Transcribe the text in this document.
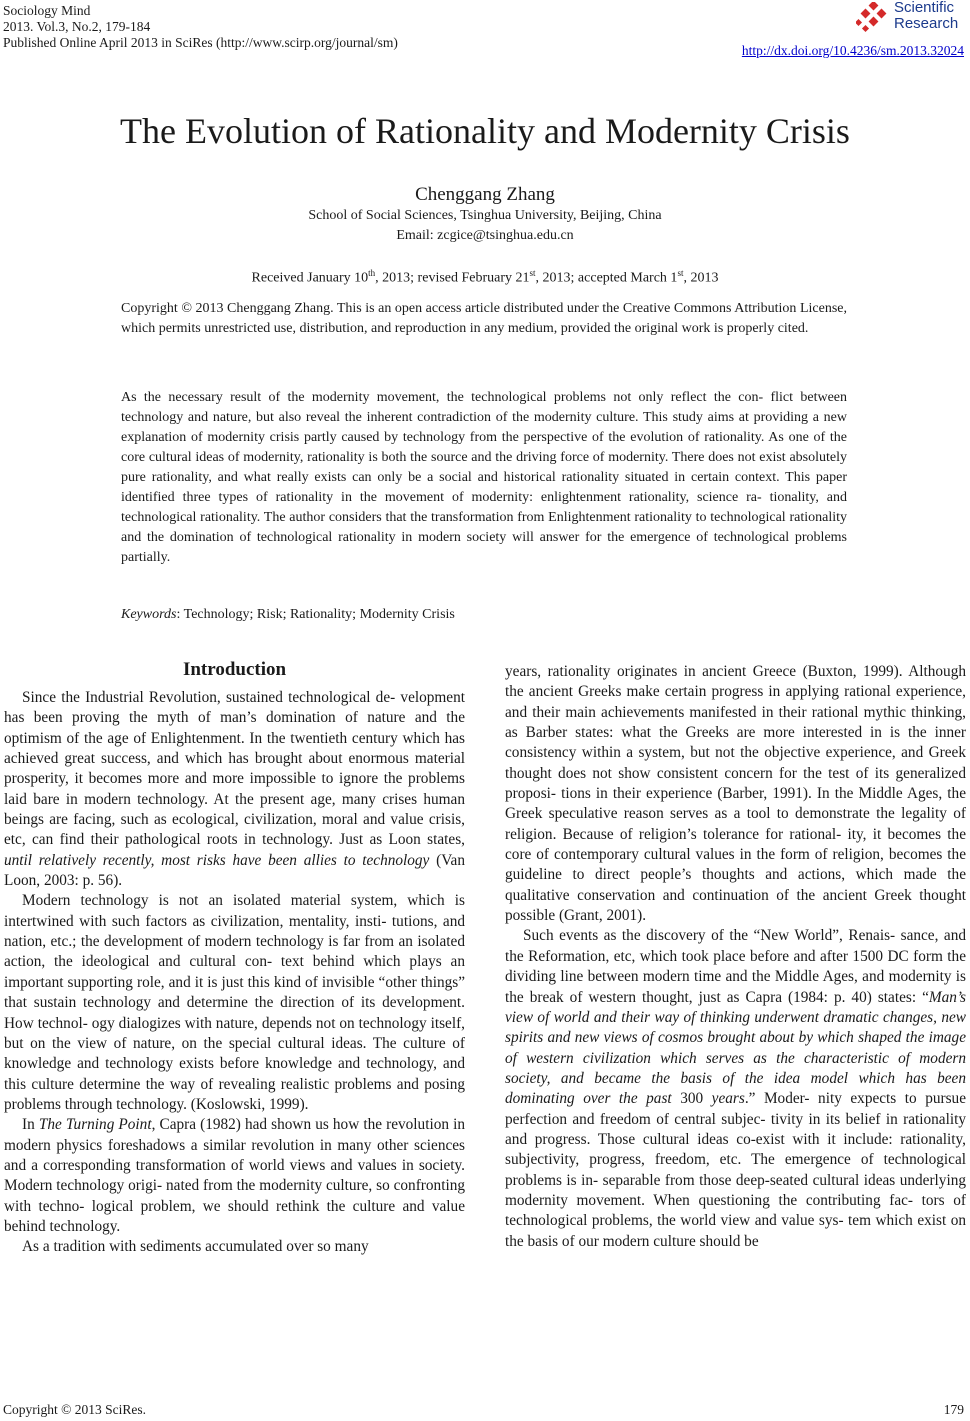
Sociology Mind
2013. Vol.3, No.2, 179-184
Published Online April 2013 in SciRes (http://www.scirp.org/journal/sm)
Scientific
Research
http://dx.doi.org/10.4236/sm.2013.32024
The Evolution of Rationality and Modernity Crisis
Chenggang Zhang
School of Social Sciences, Tsinghua University, Beijing, China
Email: zcgice@tsinghua.edu.cn
Received January 10th, 2013; revised February 21st, 2013; accepted March 1st, 2013
Copyright © 2013 Chenggang Zhang. This is an open access article distributed under the Creative Commons Attribution License, which permits unrestricted use, distribution, and reproduction in any medium, provided the original work is properly cited.
As the necessary result of the modernity movement, the technological problems not only reflect the con- flict between technology and nature, but also reveal the inherent contradiction of the modernity culture. This study aims at providing a new explanation of modernity crisis partly caused by technology from the perspective of the evolution of rationality. As one of the core cultural ideas of modernity, rationality is both the source and the driving force of modernity. There does not exist absolutely pure rationality, and what really exists can only be a social and historical rationality situated in certain context. This paper identified three types of rationality in the movement of modernity: enlightenment rationality, science ra- tionality, and technological rationality. The author considers that the transformation from Enlightenment rationality to technological rationality and the domination of technological rationality in modern society will answer for the emergence of technological problems partially.
Keywords: Technology; Risk; Rationality; Modernity Crisis
Introduction

Since the Industrial Revolution, sustained technological de- velopment has been proving the myth of man’s domination of nature and the optimism of the age of Enlightenment. In the twentieth century which has achieved great success, and which has brought about enormous material prosperity, it becomes more and more impossible to ignore the problems laid bare in modern technology. At the present age, many crises human beings are facing, such as ecological, civilization, moral and value crisis, etc, can find their pathological roots in technology. Just as Loon states, until relatively recently, most risks have been allies to technology (Van Loon, 2003: p. 56).

Modern technology is not an isolated material system, which is intertwined with such factors as civilization, mentality, insti- tutions, and nation, etc.; the development of modern technology is far from an isolated action, the ideological and cultural con- text behind which plays an important supporting role, and it is just this kind of invisible “other things” that sustain technology and determine the direction of its development. How technol- ogy dialogizes with nature, depends not on technology itself, but on the view of nature, on the special cultural ideas. The culture of knowledge and technology exists before knowledge and technology, and this culture determine the way of revealing realistic problems and posing problems through technology. (Koslowski, 1999).

In The Turning Point, Capra (1982) had shown us how the revolution in modern physics foreshadows a similar revolution in many other sciences and a corresponding transformation of world views and values in society. Modern technology origi- nated from the modernity culture, so confronting with techno- logical problem, we should rethink the culture and value behind technology.

As a tradition with sediments accumulated over so many

years, rationality originates in ancient Greece (Buxton, 1999). Although the ancient Greeks make certain progress in applying rational experience, and their main achievements manifested in their rational mythic thinking, as Barber states: what the Greeks are more interested in is the inner consistency within a system, but not the objective experience, and Greek thought does not show consistent concern for the test of its generalized proposi- tions in their experience (Barber, 1991). In the Middle Ages, the Greek speculative reason serves as a tool to demonstrate the legality of religion. Because of religion’s tolerance for rational- ity, it becomes the core of contemporary cultural values in the form of religion, becomes the guideline to direct people’s thoughts and actions, which made the qualitative conservation and continuation of the ancient Greek thought possible (Grant, 2001).

Such events as the discovery of the “New World”, Renais- sance, and the Reformation, etc, which took place before and after 1500 DC form the dividing line between modern time and the Middle Ages, and modernity is the break of western thought, just as Capra (1984: p. 40) states: “Man’s view of world and their way of thinking underwent dramatic changes, new spirits and new views of cosmos brought about by which shaped the image of western civilization which serves as the characteristic of modern society, and became the basis of the idea model which has been dominating over the past 300 years.” Moder- nity expects to pursue perfection and freedom of central subjec- tivity in its belief in rationality and progress. Those cultural ideas co-exist with it include: rationality, subjectivity, progress, freedom, etc. The emergence of technological problems is in- separable from those deep-seated cultural ideas underlying modernity movement. When questioning the contributing fac- tors of technological problems, the world view and value sys- tem which exist on the basis of our modern culture should be

Copyright © 2013 SciRes.	179
